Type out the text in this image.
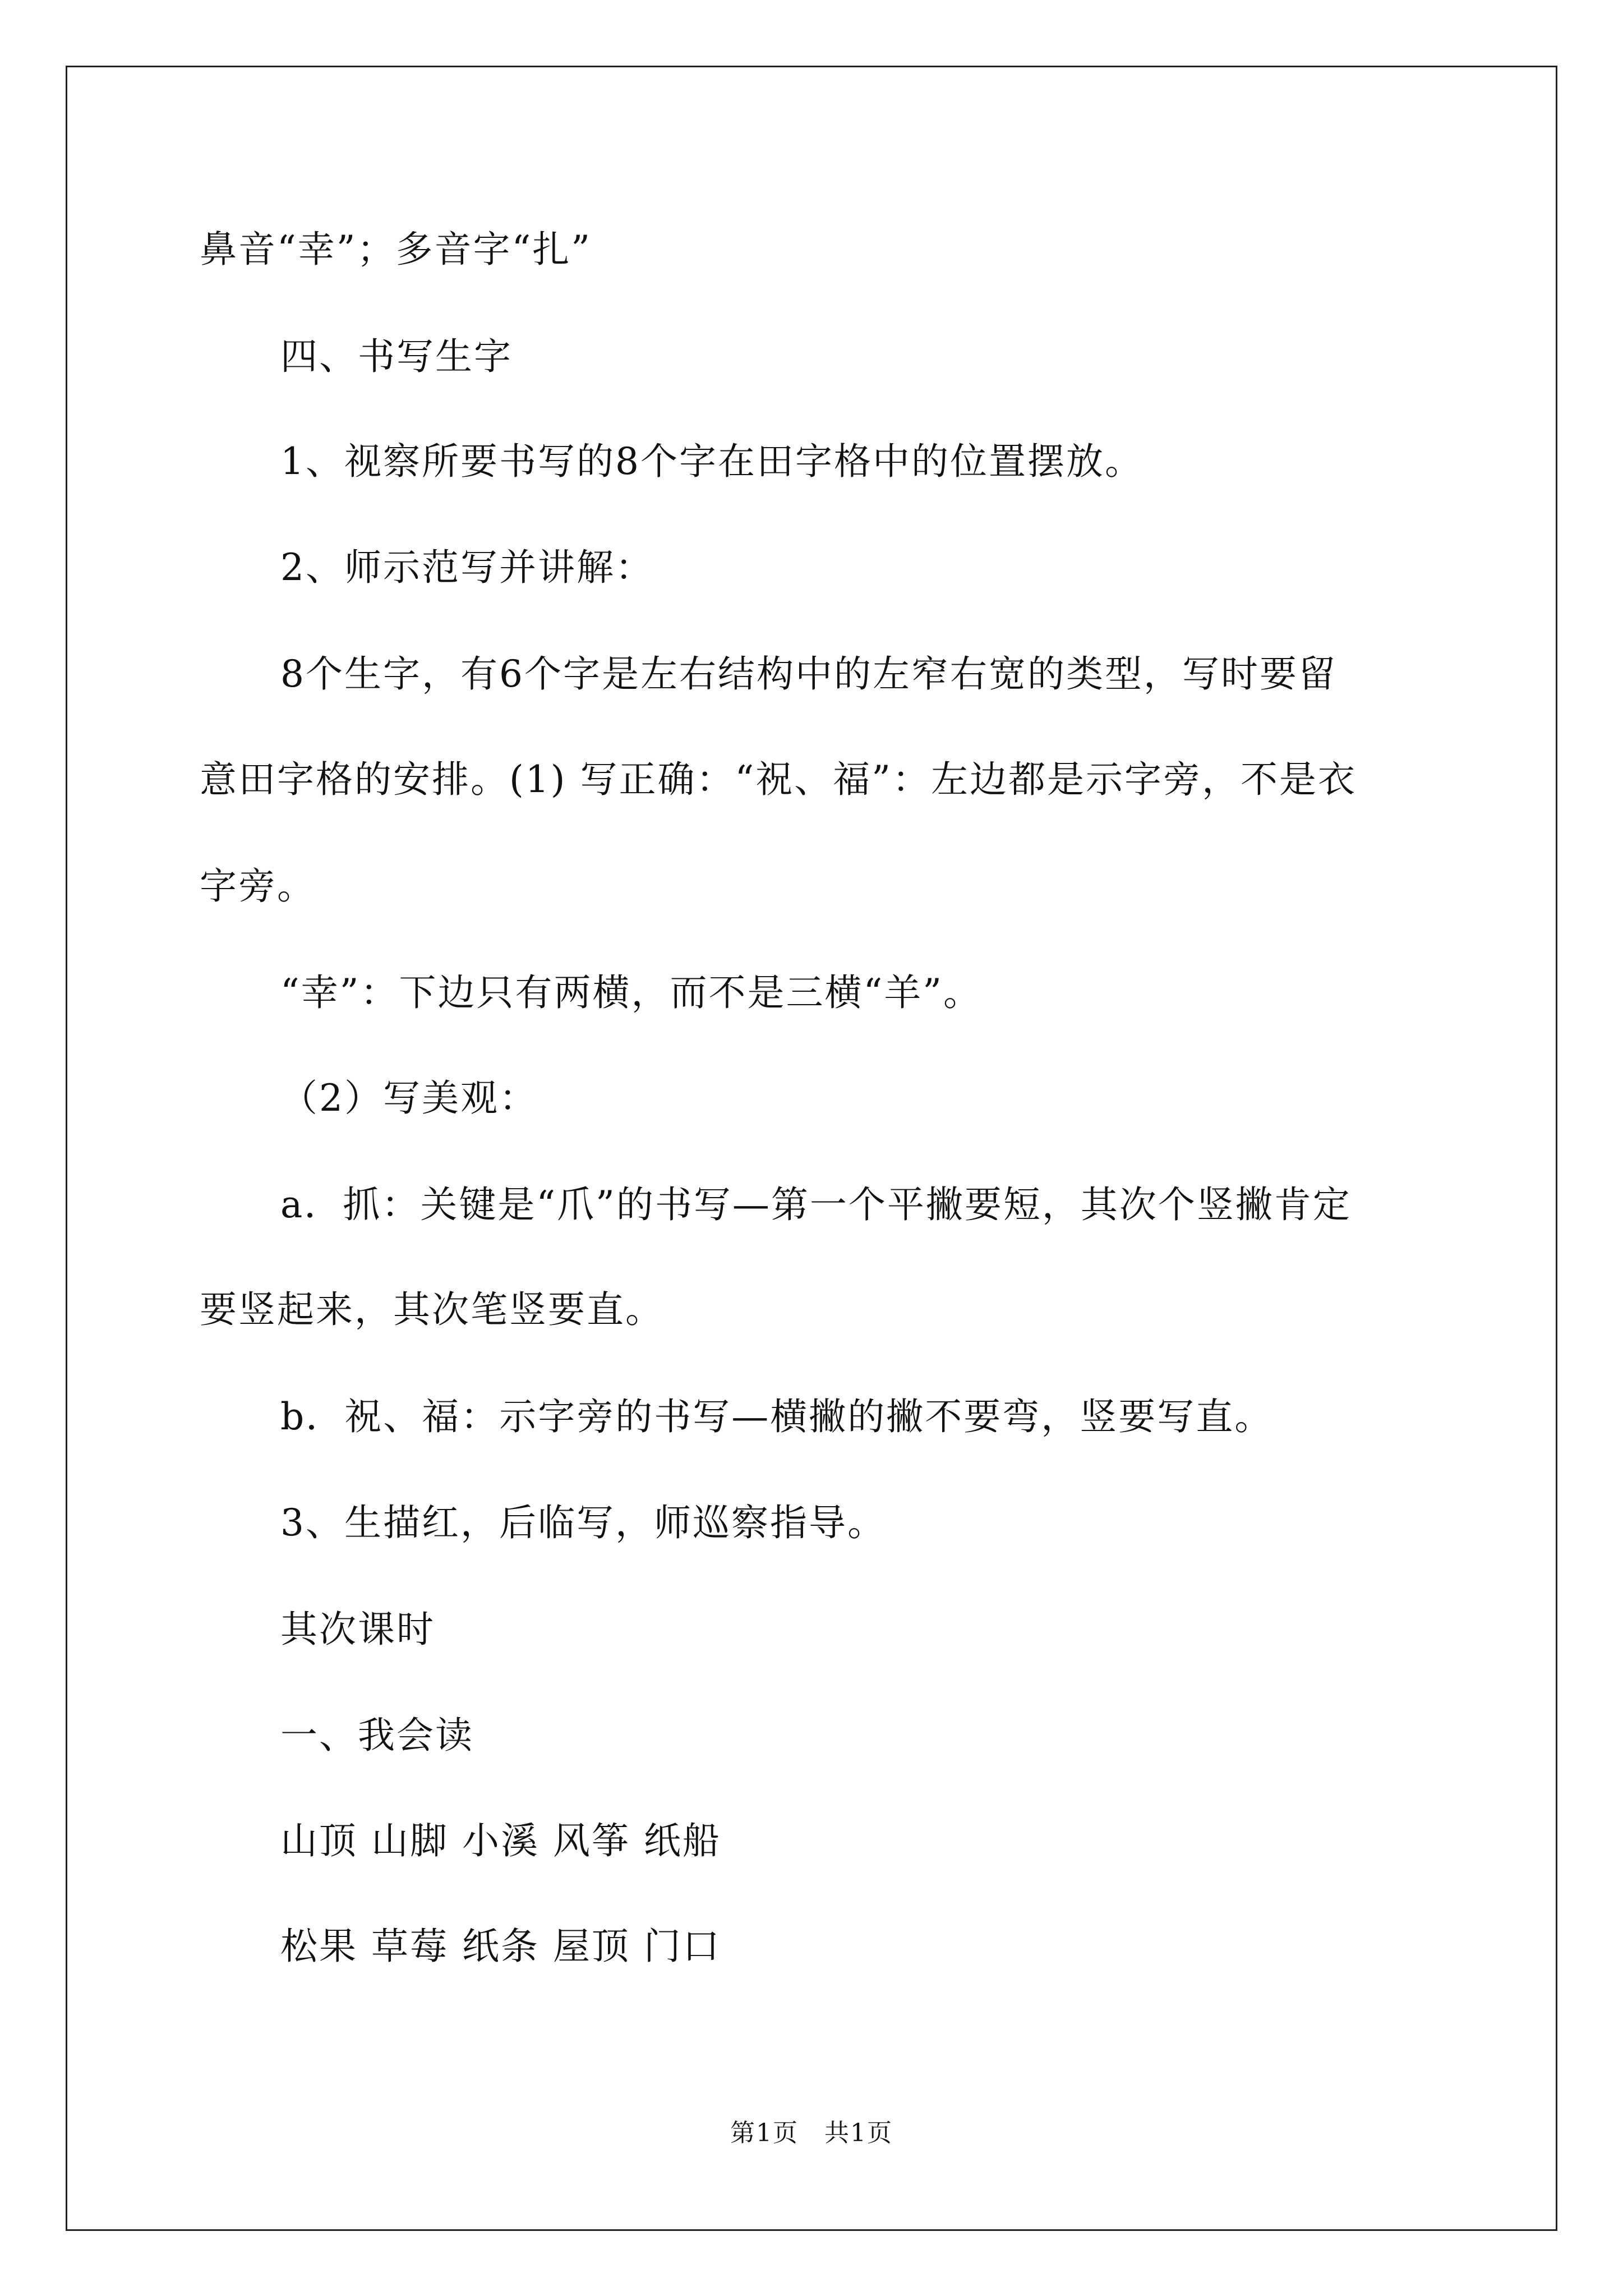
鼻音“幸”；多音字“扎”
四、书写生字
1、视察所要书写的8个字在田字格中的位置摆放。
2、师示范写并讲解：
8个生字，有6个字是左右结构中的左窄右宽的类型，写时要留
意田字格的安排。(1) 写正确：“祝、福”：左边都是示字旁，不是衣
字旁。
“幸”：下边只有两横，而不是三横“羊”。
（2）写美观：
a．抓：关键是“爪”的书写—第一个平撇要短，其次个竖撇肯定
要竖起来，其次笔竖要直。
b．祝、福：示字旁的书写—横撇的撇不要弯，竖要写直。
3、生描红，后临写，师巡察指导。
其次课时
一、我会读
山顶 山脚 小溪 风筝 纸船
松果 草莓 纸条 屋顶 门口
第1页 共1页
